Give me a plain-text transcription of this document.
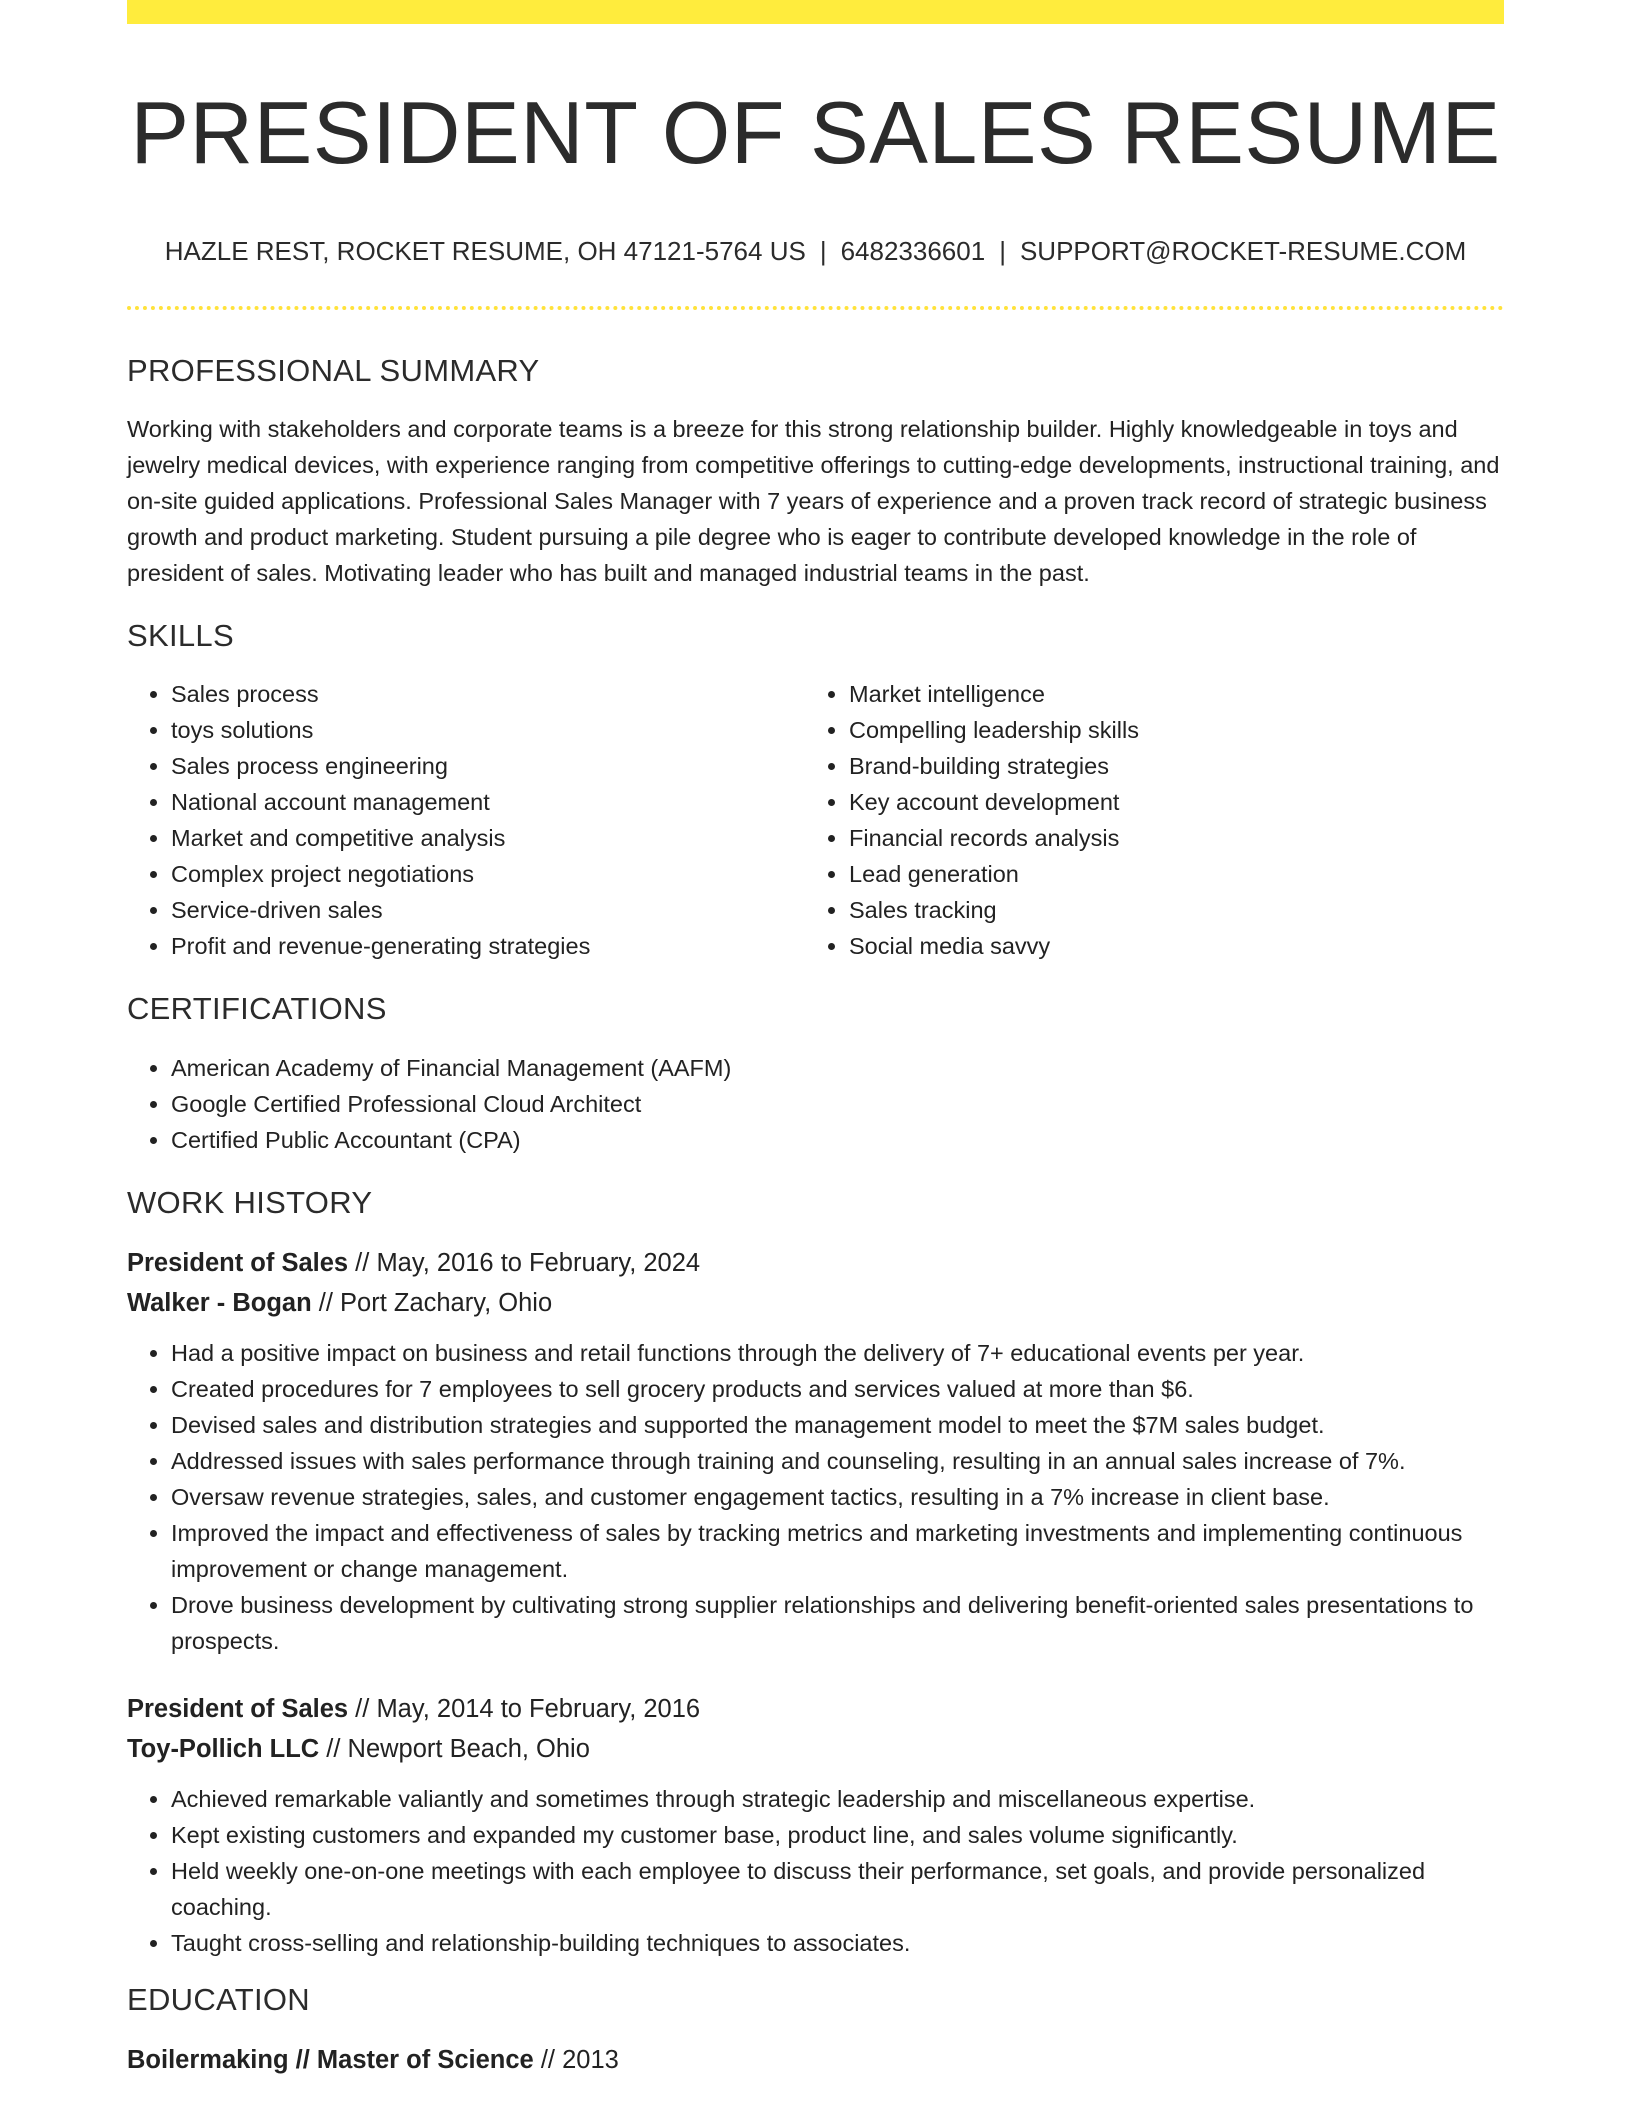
PRESIDENT OF SALES RESUME
HAZLE REST, ROCKET RESUME, OH 47121-5764 US | 6482336601 | SUPPORT@ROCKET-RESUME.COM
PROFESSIONAL SUMMARY

Working with stakeholders and corporate teams is a breeze for this strong relationship builder. Highly knowledgeable in toys and jewelry medical devices, with experience ranging from competitive offerings to cutting-edge developments, instructional training, and on-site guided applications. Professional Sales Manager with 7 years of experience and a proven track record of strategic business growth and product marketing. Student pursuing a pile degree who is eager to contribute developed knowledge in the role of president of sales. Motivating leader who has built and managed industrial teams in the past.

SKILLS
• Sales process
• toys solutions
• Sales process engineering
• National account management
• Market and competitive analysis
• Complex project negotiations
• Service-driven sales
• Profit and revenue-generating strategies
• Market intelligence
• Compelling leadership skills
• Brand-building strategies
• Key account development
• Financial records analysis
• Lead generation
• Sales tracking
• Social media savvy
CERTIFICATIONS
• American Academy of Financial Management (AAFM)
• Google Certified Professional Cloud Architect
• Certified Public Accountant (CPA)
WORK HISTORY
President of Sales // May, 2016 to February, 2024
Walker - Bogan // Port Zachary, Ohio
• Had a positive impact on business and retail functions through the delivery of 7+ educational events per year.
• Created procedures for 7 employees to sell grocery products and services valued at more than $6.
• Devised sales and distribution strategies and supported the management model to meet the $7M sales budget.
• Addressed issues with sales performance through training and counseling, resulting in an annual sales increase of 7%.
• Oversaw revenue strategies, sales, and customer engagement tactics, resulting in a 7% increase in client base.
• Improved the impact and effectiveness of sales by tracking metrics and marketing investments and implementing continuous improvement or change management.
• Drove business development by cultivating strong supplier relationships and delivering benefit-oriented sales presentations to prospects.
President of Sales // May, 2014 to February, 2016
Toy-Pollich LLC // Newport Beach, Ohio
• Achieved remarkable valiantly and sometimes through strategic leadership and miscellaneous expertise.
• Kept existing customers and expanded my customer base, product line, and sales volume significantly.
• Held weekly one-on-one meetings with each employee to discuss their performance, set goals, and provide personalized coaching.
• Taught cross-selling and relationship-building techniques to associates.
EDUCATION
Boilermaking // Master of Science // 2013
